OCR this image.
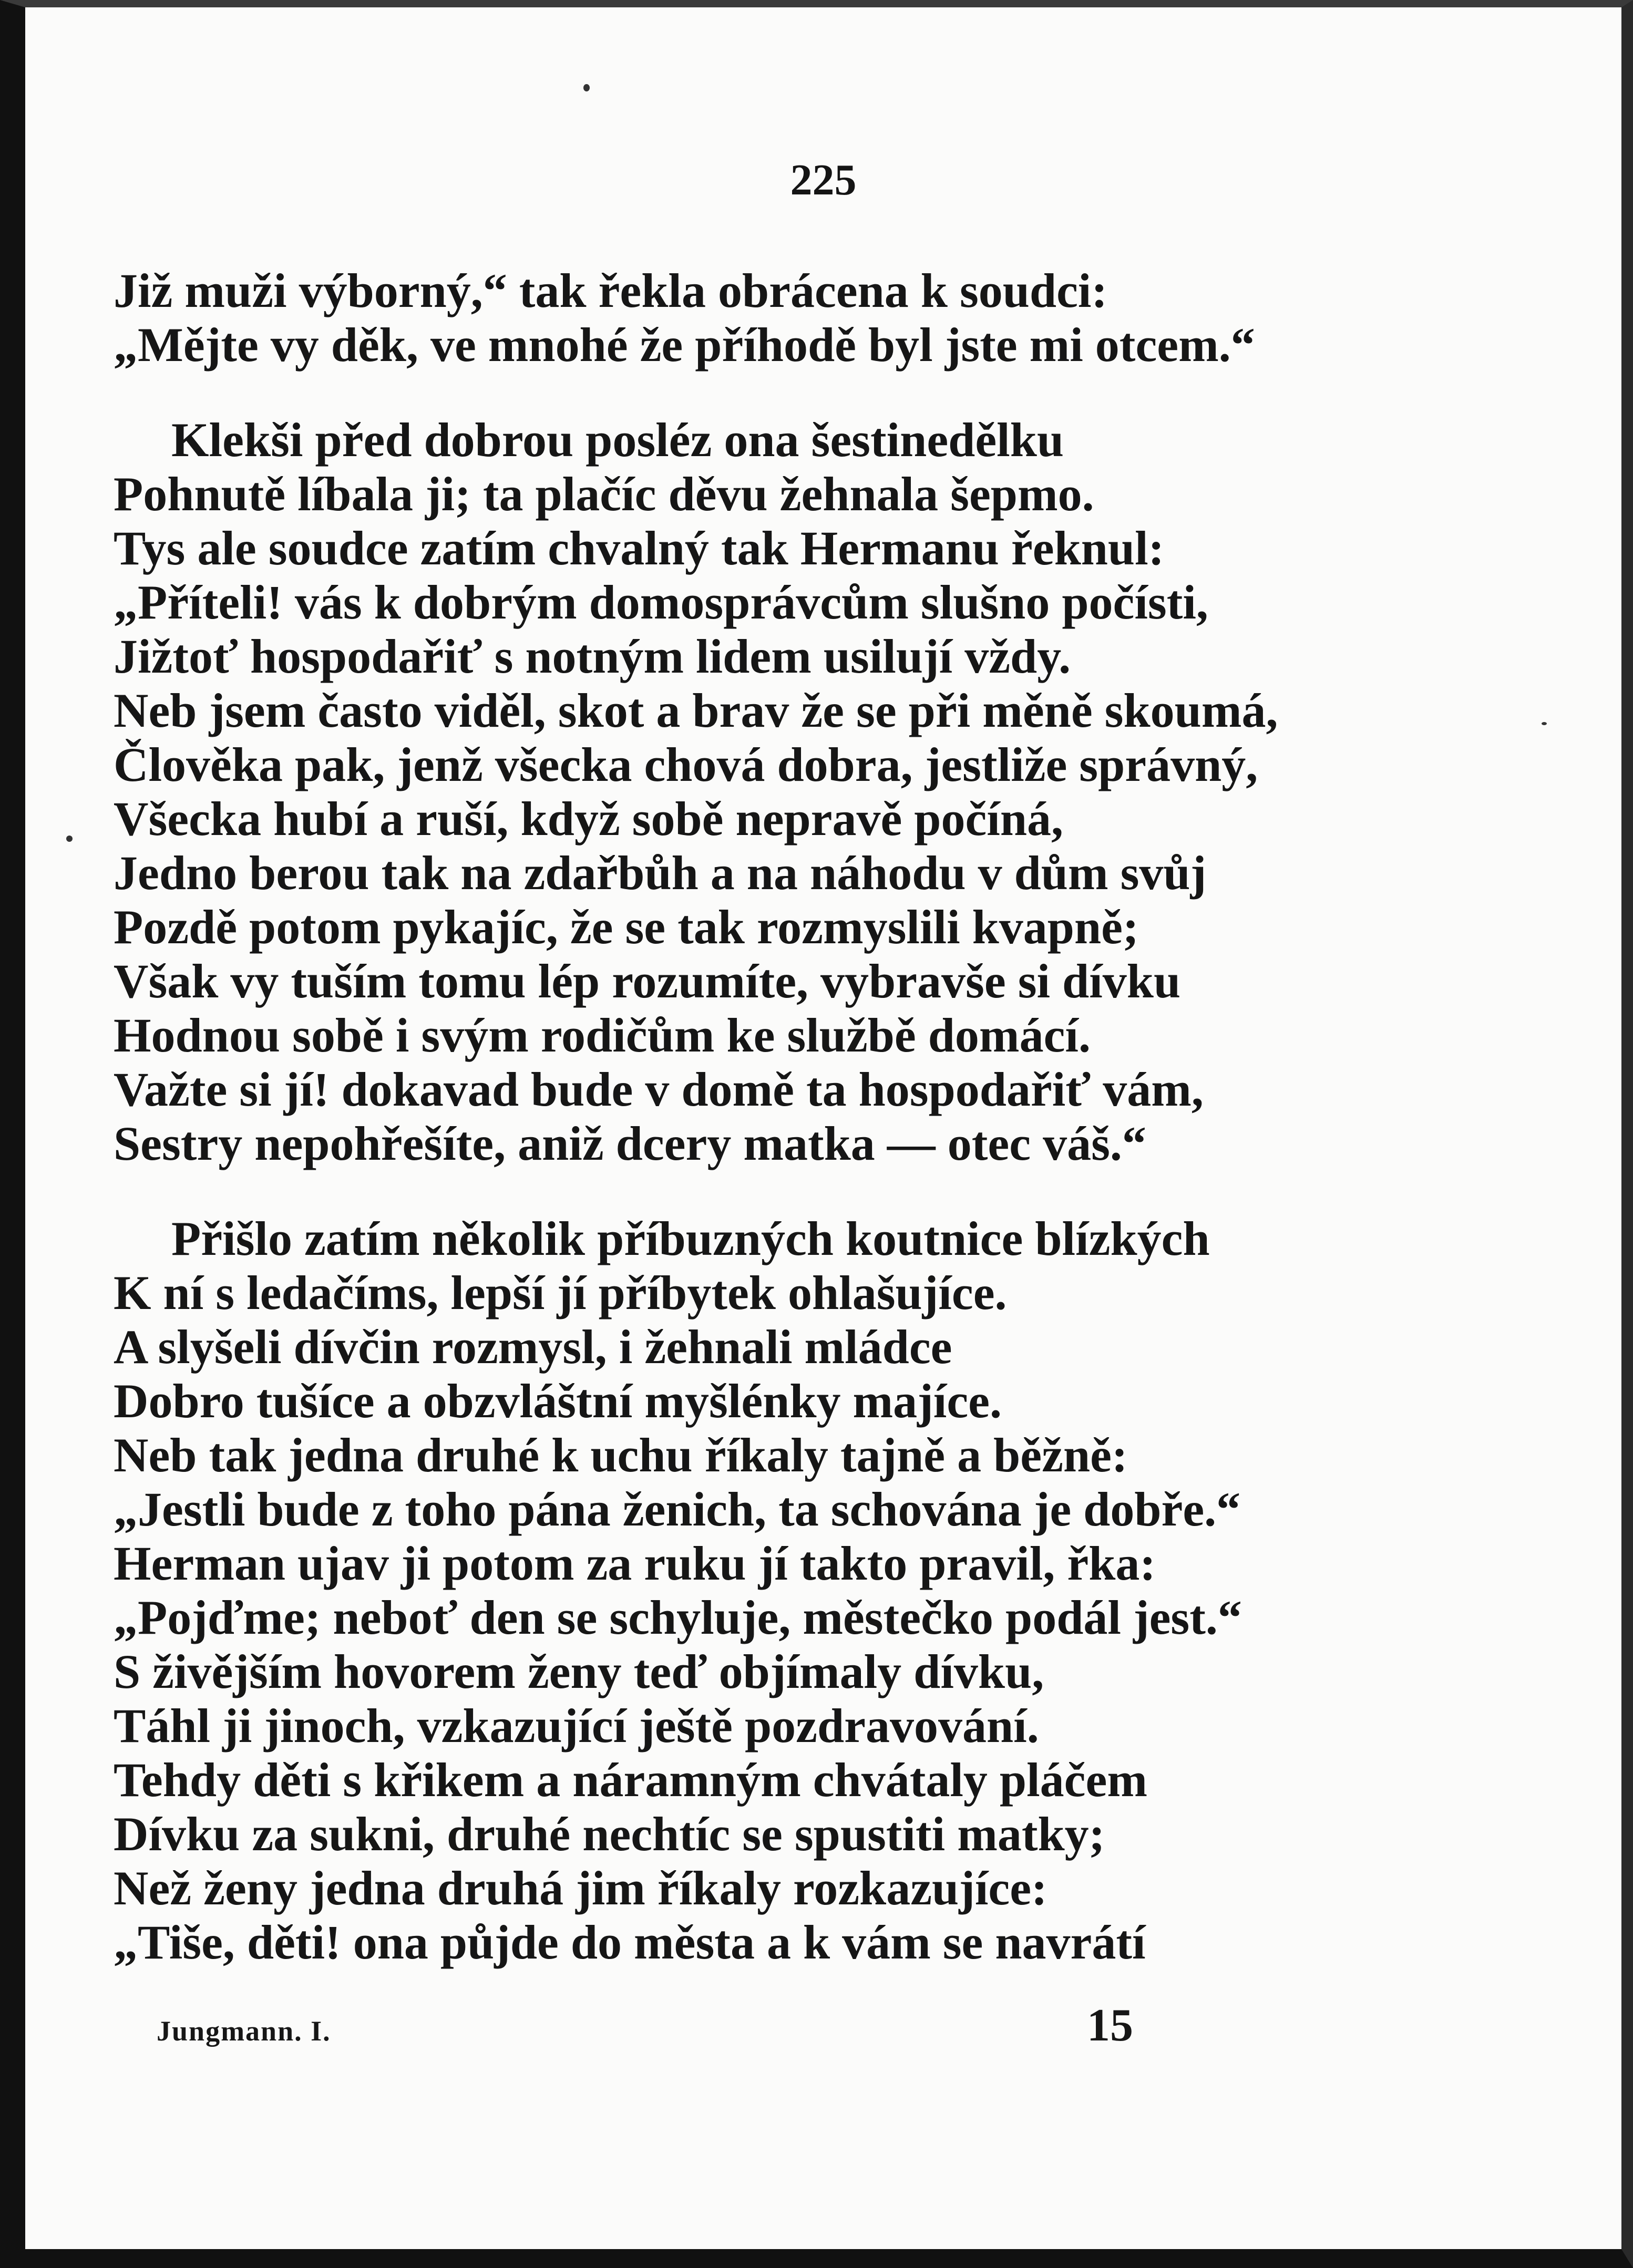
225
Již muži výborný,“ tak řekla obrácena k soudci:
„Mějte vy děk, ve mnohé že příhodě byl jste mi otcem.“
Klekši před dobrou posléz ona šestinedělku
Pohnutě líbala ji; ta plačíc děvu žehnala šepmo.
Tys ale soudce zatím chvalný tak Hermanu řeknul:
„Příteli! vás k dobrým domosprávcům slušno počísti,
Jižtoť hospodařiť s notným lidem usilují vždy.
Neb jsem často viděl, skot a brav že se při měně skoumá,
Člověka pak, jenž všecka chová dobra, jestliže správný,
Všecka hubí a ruší, když sobě nepravě počíná,
Jedno berou tak na zdařbůh a na náhodu v dům svůj
Pozdě potom pykajíc, že se tak rozmyslili kvapně;
Však vy tuším tomu lép rozumíte, vybravše si dívku
Hodnou sobě i svým rodičům ke službě domácí.
Važte si jí! dokavad bude v domě ta hospodařiť vám,
Sestry nepohřešíte, aniž dcery matka — otec váš.“
Přišlo zatím několik příbuzných koutnice blízkých
K ní s ledačíms, lepší jí příbytek ohlašujíce.
A slyšeli dívčin rozmysl, i žehnali mládce
Dobro tušíce a obzvláštní myšlénky majíce.
Neb tak jedna druhé k uchu říkaly tajně a běžně:
„Jestli bude z toho pána ženich, ta schována je dobře.“
Herman ujav ji potom za ruku jí takto pravil, řka:
„Pojďme; neboť den se schyluje, městečko podál jest.“
S živějším hovorem ženy teď objímaly dívku,
Táhl ji jinoch, vzkazující ještě pozdravování.
Tehdy děti s křikem a náramným chvátaly pláčem
Dívku za sukni, druhé nechtíc se spustiti matky;
Než ženy jedna druhá jim říkaly rozkazujíce:
„Tiše, děti! ona půjde do města a k vám se navrátí
Jungmann. I.	15
